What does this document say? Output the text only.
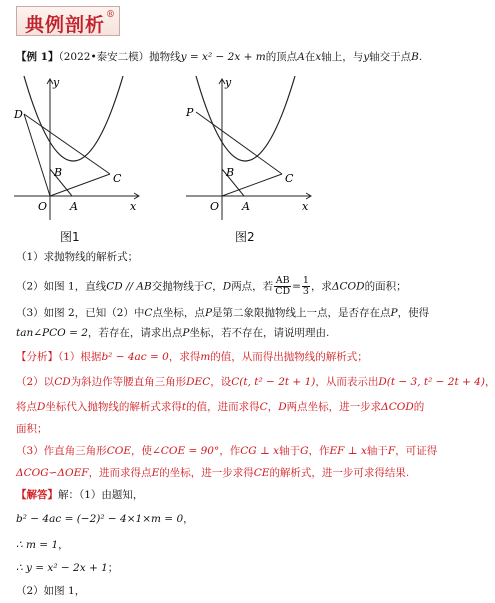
典例剖析 ®
【例 1】（2022•泰安二模）抛物线y = x² − 2x + m的顶点A在x轴上，与y轴交于点B.
y
D
B	C
O A	x
图1
y
P
B	C
O A	x
图2
（1）求抛物线的解析式；
（2）如图 1，直线CD // AB交抛物线于C，D两点，若 $\frac{AB}{CD} = \frac{1}{3}$ ，求ΔCOD的面积；
（3）如图 2，已知（2）中C点坐标，点P是第二象限抛物线上一点，是否存在点P，使得
tan∠PCO = 2，若存在，请求出点P坐标，若不存在，请说明理由.
【分析】（1）根据b² − 4ac = 0，求得m的值，从而得出抛物线的解析式；
（2）以CD为斜边作等腰直角三角形DEC，设C(t, t² − 2t + 1)，从而表示出D(t − 3, t² − 2t + 4)，
将点D坐标代入抛物线的解析式求得t的值，进而求得C，D两点坐标，进一步求ΔCOD的
面积；
（3）作直角三角形COE，使∠COE = 90°，作CG ⊥ x轴于G，作EF ⊥ x轴于F，可证得
ΔCOG∽ΔOEF，进而求得点E的坐标，进一步求得CE的解析式，进一步可求得结果.
【解答】解：（1）由题知，
b² − 4ac = (−2)² − 4×1×m = 0，
∴ m = 1，
∴ y = x² − 2x + 1；
（2）如图 1，
